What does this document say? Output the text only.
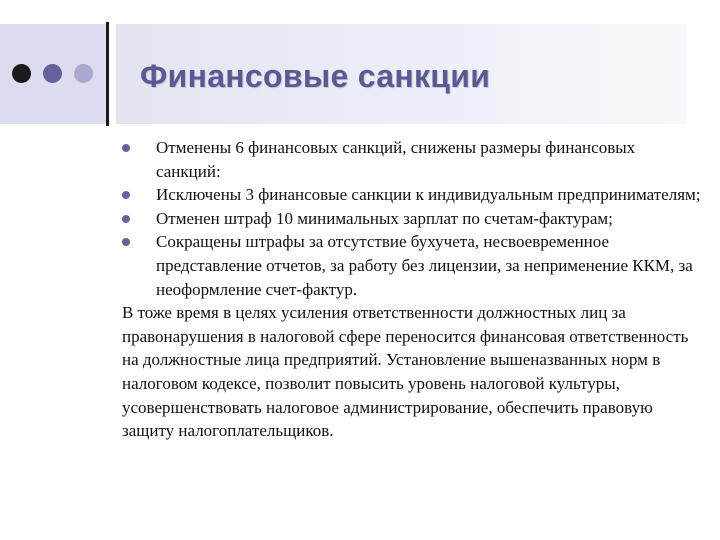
Финансовые санкции
Отменены 6 финансовых санкций, снижены размеры финансовых санкций:
Исключены 3 финансовые санкции к индивидуальным предпринимателям;
Отменен штраф 10 минимальных зарплат по счетам-фактурам;
Сокращены штрафы за отсутствие бухучета, несвоевременное представление отчетов, за работу без лицензии, за неприменение ККМ, за неоформление счет-фактур.

В тоже время в целях усиления ответственности должностных лиц за правонарушения в налоговой сфере переносится финансовая ответственность на должностные лица предприятий. Установление вышеназванных норм в налоговом кодексе, позволит повысить уровень налоговой культуры, усовершенствовать налоговое администрирование, обеспечить правовую защиту налогоплательщиков.
